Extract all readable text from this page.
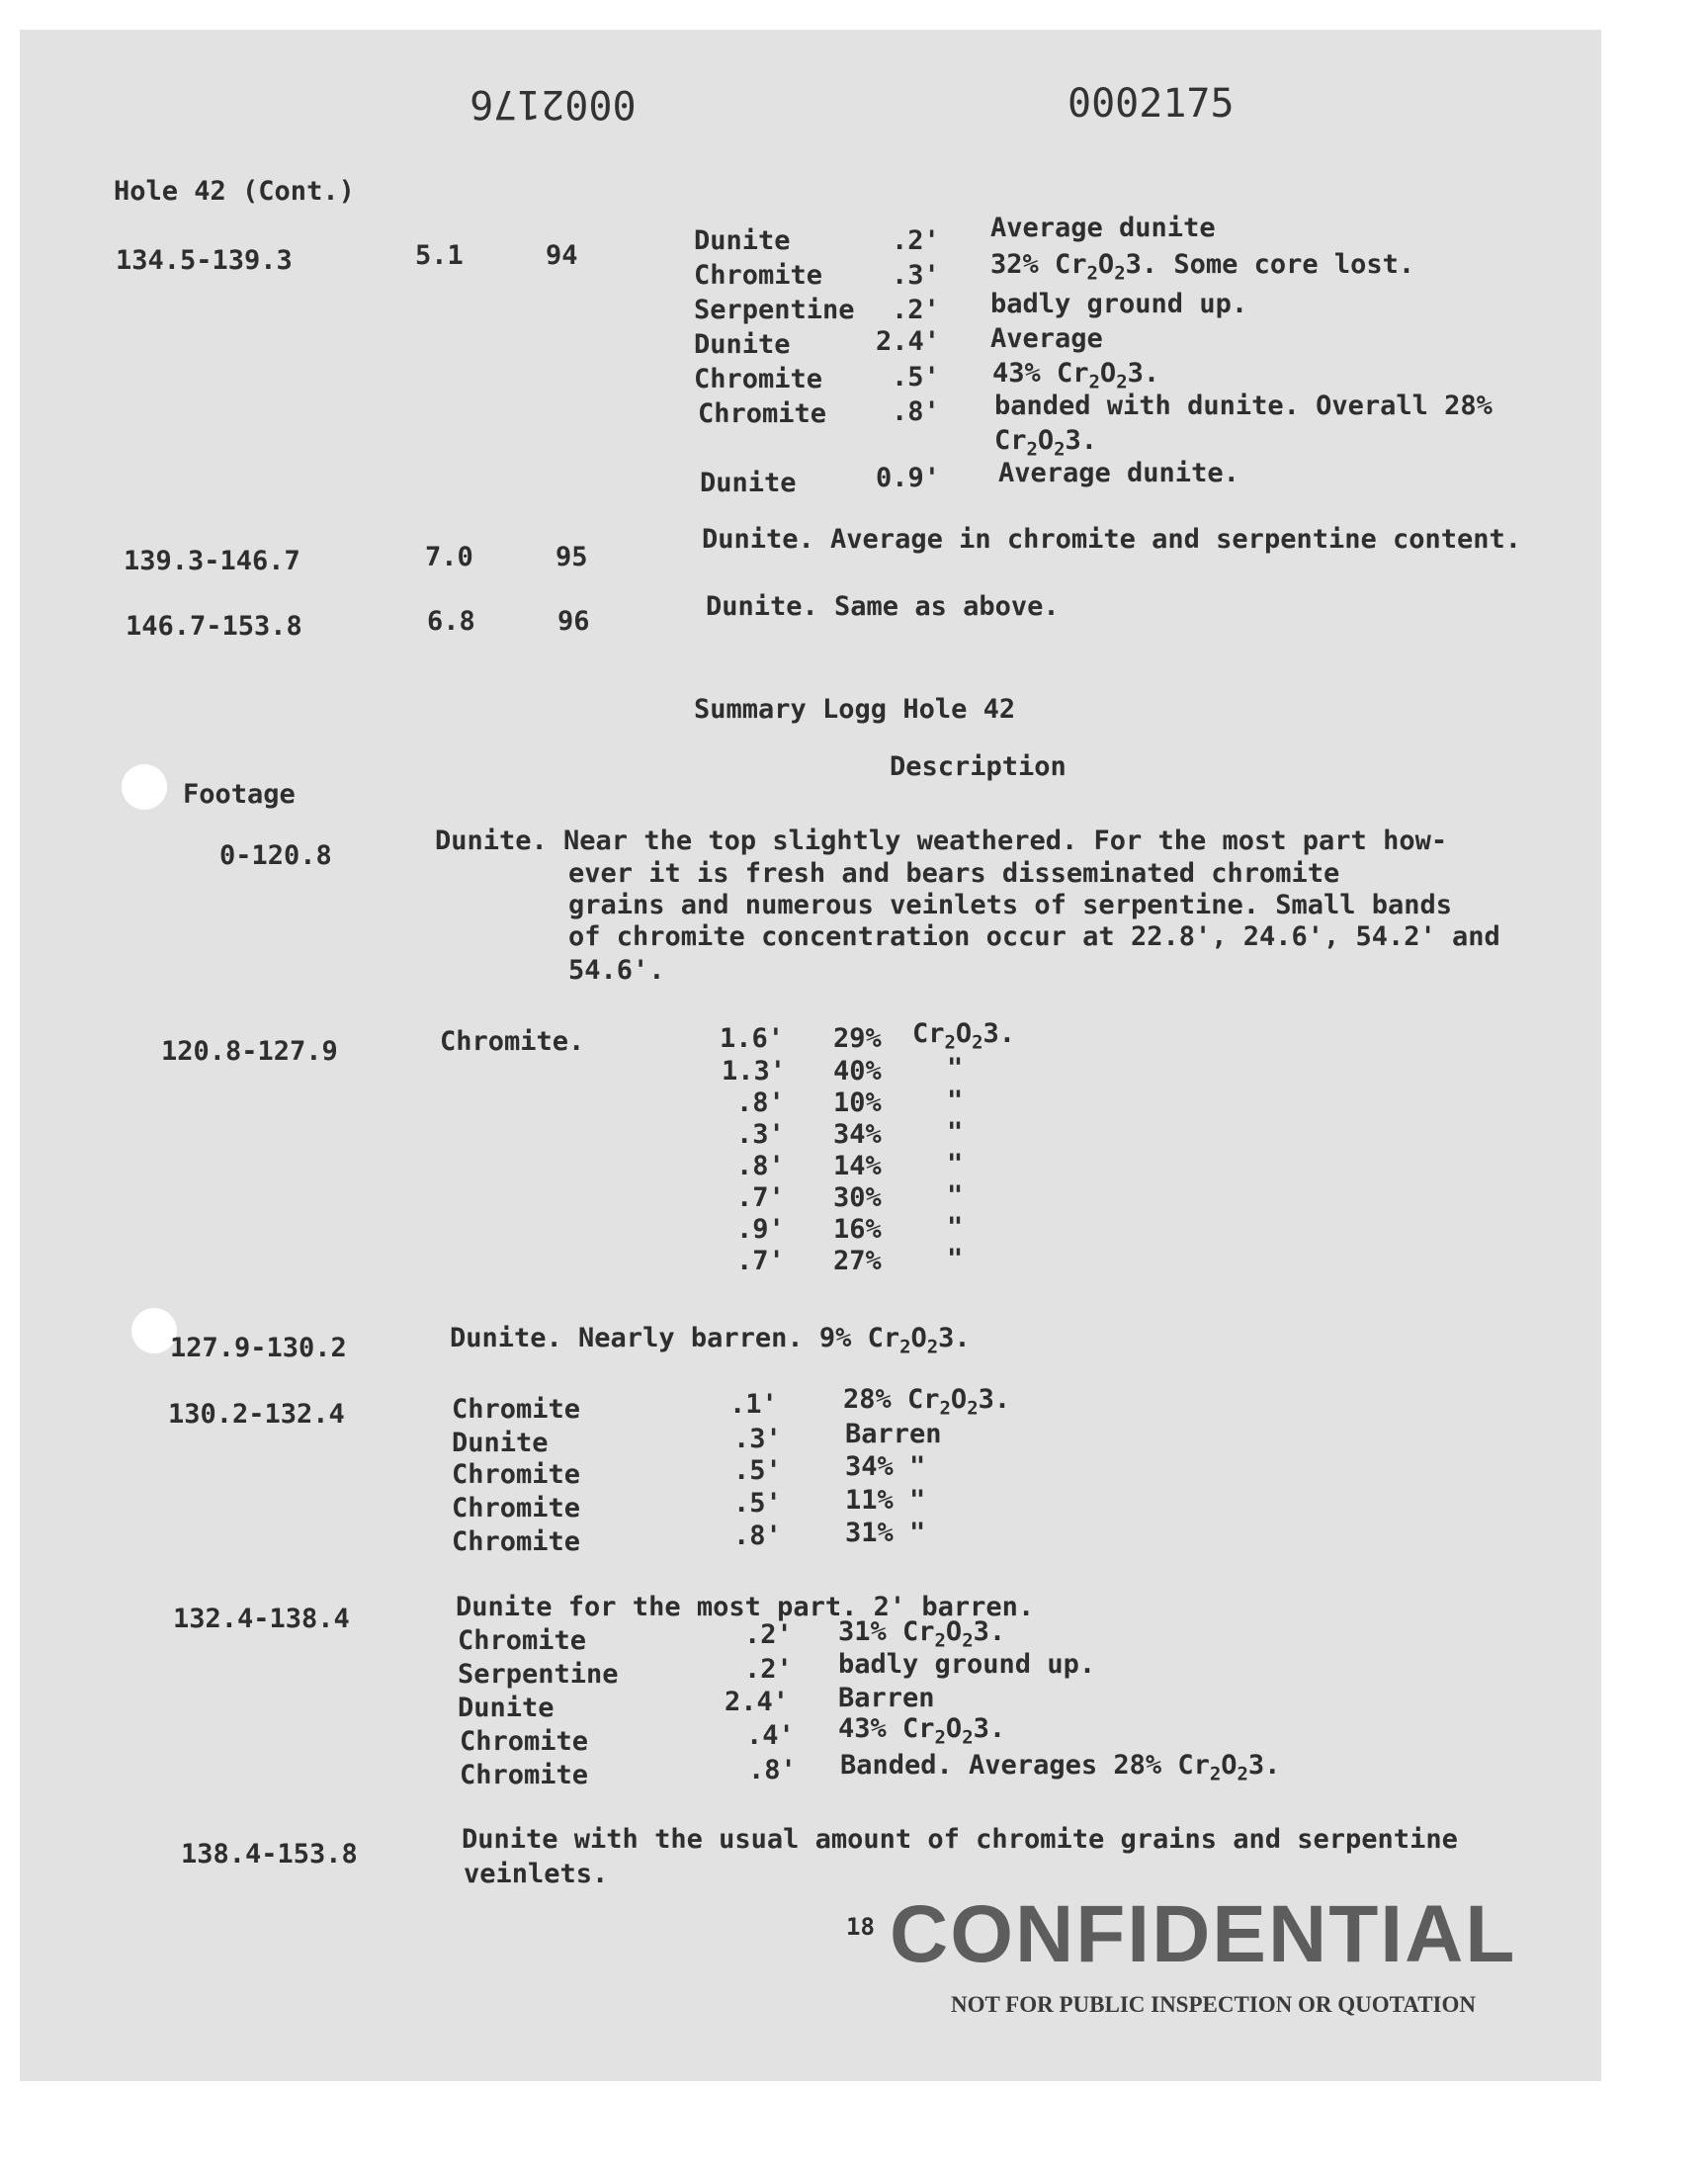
0002176	0002175
Hole 42 (Cont.)
134.5-139.3	5.1	94	Dunite	.2' Average dunite
Chromite	.3' 32% $Cr_2O_23$. Some core lost.
Serpentine .2' badly ground up.
Dunite	2.4' Average
Chromite	.5' 43% $Cr_2O_23$.
Chromite .8' banded with dunite. Overall 28%
$Cr_2O_23$.
Dunite	0.9' Average dunite.
139.3-146.7	7.0	95
Dunite. Average in chromite and serpentine content.
146.7-153.8	6.8	96	Dunite. Same as above.
Summary Logg Hole 42
Description
Footage
0-120.8	Dunite. Near the top slightly weathered. For the most part how-
ever it is fresh and bears disseminated chromite
grains and numerous veinlets of serpentine. Small bands
of chromite concentration occur at 22.8', 24.6', 54.2' and
54.6'.
120.8-127.9	Chromite.	1.6' 29% $Cr_2O_23$.
1.3' 40% "
.8' 10% "
.3' 34% "
.8' 14% "
.7' 30% "
.9' 16% "
.7' 27% "
127.9-130.2	Dunite. Nearly barren. 9% $Cr_2O_23$.
130.2-132.4	Chromite	.1' 28% $Cr_2O_23$.
Dunite	.3' Barren
Chromite	.5' 34% "
Chromite	.5' 11% "
Chromite	.8' 31% "
132.4-138.4	Dunite for the most part. 2' barren.
Chromite	.2' 31% $Cr_2O_23$.
Serpentine	.2' badly ground up.
Dunite	2.4' Barren
Chromite	.4' 43% $Cr_2O_23$.
Chromite	.8' Banded. Averages 28% $Cr_2O_23$.
138.4-153.8	Dunite with the usual amount of chromite grains and serpentine
veinlets.
18 CONFIDENTIAL
NOT FOR PUBLIC INSPECTION OR QUOTATION
